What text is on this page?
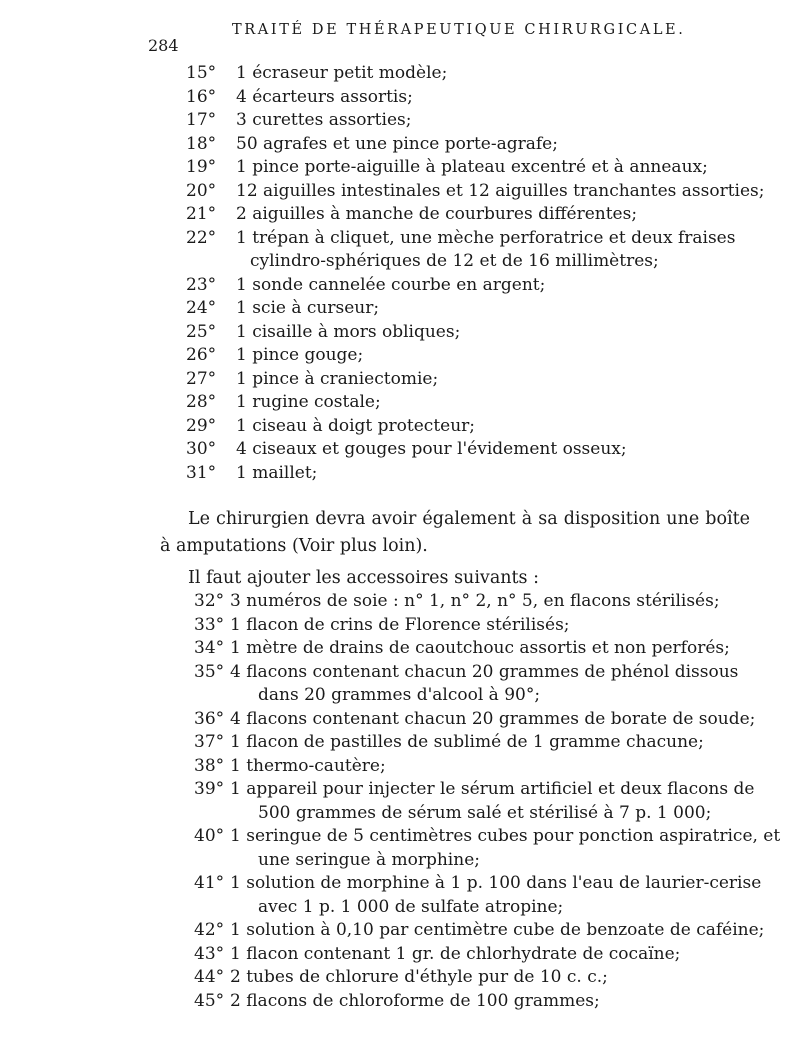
284
TRAITÉ DE THÉRAPEUTIQUE CHIRURGICALE.
15° 1 écraseur petit modèle;
16° 4 écarteurs assortis;
17° 3 curettes assorties;
18° 50 agrafes et une pince porte-agrafe;
19° 1 pince porte-aiguille à plateau excentré et à anneaux;
20° 12 aiguilles intestinales et 12 aiguilles tranchantes assorties;
21° 2 aiguilles à manche de courbures différentes;
22° 1 trépan à cliquet, une mèche perforatrice et deux fraises
cylindro-sphériques de 12 et de 16 millimètres;
23° 1 sonde cannelée courbe en argent;
24° 1 scie à curseur;
25° 1 cisaille à mors obliques;
26° 1 pince gouge;
27° 1 pince à craniectomie;
28° 1 rugine costale;
29° 1 ciseau à doigt protecteur;
30° 4 ciseaux et gouges pour l'évidement osseux;
31° 1 maillet;

Le chirurgien devra avoir également à sa disposition une boîte à amputations (Voir plus loin).

Il faut ajouter les accessoires suivants :

32° 3 numéros de soie : n° 1, n° 2, n° 5, en flacons stérilisés;
33° 1 flacon de crins de Florence stérilisés;
34° 1 mètre de drains de caoutchouc assortis et non perforés;
35° 4 flacons contenant chacun 20 grammes de phénol dissous
dans 20 grammes d'alcool à 90°;
36° 4 flacons contenant chacun 20 grammes de borate de soude;
37° 1 flacon de pastilles de sublimé de 1 gramme chacune;
38° 1 thermo-cautère;
39° 1 appareil pour injecter le sérum artificiel et deux flacons de
500 grammes de sérum salé et stérilisé à 7 p. 1 000;
40° 1 seringue de 5 centimètres cubes pour ponction aspiratrice, et
une seringue à morphine;
41° 1 solution de morphine à 1 p. 100 dans l'eau de laurier-cerise
avec 1 p. 1 000 de sulfate atropine;
42° 1 solution à 0,10 par centimètre cube de benzoate de caféine;
43° 1 flacon contenant 1 gr. de chlorhydrate de cocaïne;
44° 2 tubes de chlorure d'éthyle pur de 10 c. c.;
45° 2 flacons de chloroforme de 100 grammes;
